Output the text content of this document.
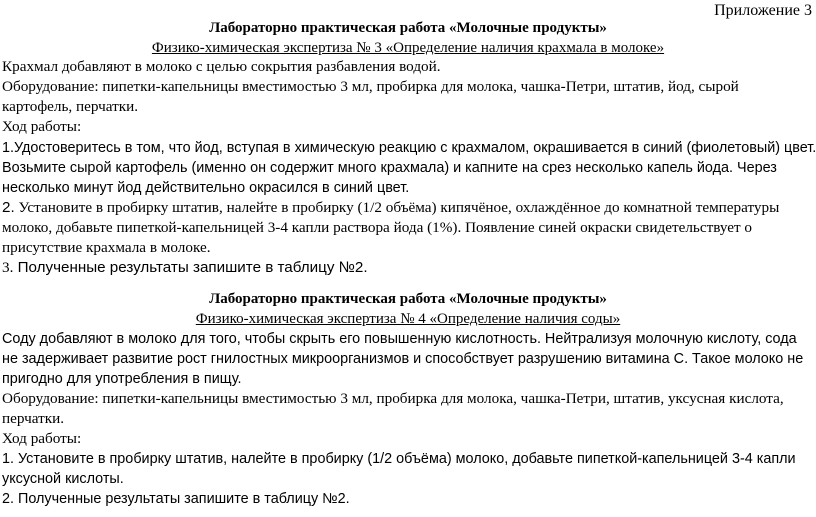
Приложение 3
Лабораторно практическая работа «Молочные продукты»
Физико-химическая экспертиза № 3 «Определение наличия крахмала в молоке»
Крахмал добавляют в молоко с целью сокрытия разбавления водой.
Оборудование: пипетки-капельницы вместимостью 3 мл, пробирка для молока, чашка-Петри, штатив, йод, сырой
картофель, перчатки.
Ход работы:
1.Удостоверитесь в том, что йод, вступая в химическую реакцию с крахмалом, окрашивается в синий (фиолетовый) цвет.
Возьмите сырой картофель (именно он содержит много крахмала) и капните на срез несколько капель йода. Через
несколько минут йод действительно окрасился в синий цвет.
2. Установите в пробирку штатив, налейте в пробирку (1/2 объёма) кипячёное, охлаждённое до комнатной температуры
молоко, добавьте пипеткой-капельницей 3-4 капли раствора йода (1%). Появление синей окраски свидетельствует о
присутствие крахмала в молоке.
3. Полученные результаты запишите в таблицу №2.
Лабораторно практическая работа «Молочные продукты»
Физико-химическая экспертиза № 4 «Определение наличия соды»
Соду добавляют в молоко для того, чтобы скрыть его повышенную кислотность. Нейтрализуя молочную кислоту, сода
не задерживает развитие рост гнилостных микроорганизмов и способствует разрушению витамина С. Такое молоко не
пригодно для употребления в пищу.
Оборудование: пипетки-капельницы вместимостью 3 мл, пробирка для молока, чашка-Петри, штатив, уксусная кислота,
перчатки.
Ход работы:
1. Установите в пробирку штатив, налейте в пробирку (1/2 объёма) молоко, добавьте пипеткой-капельницей 3-4 капли
уксусной кислоты.
2. Полученные результаты запишите в таблицу №2.
